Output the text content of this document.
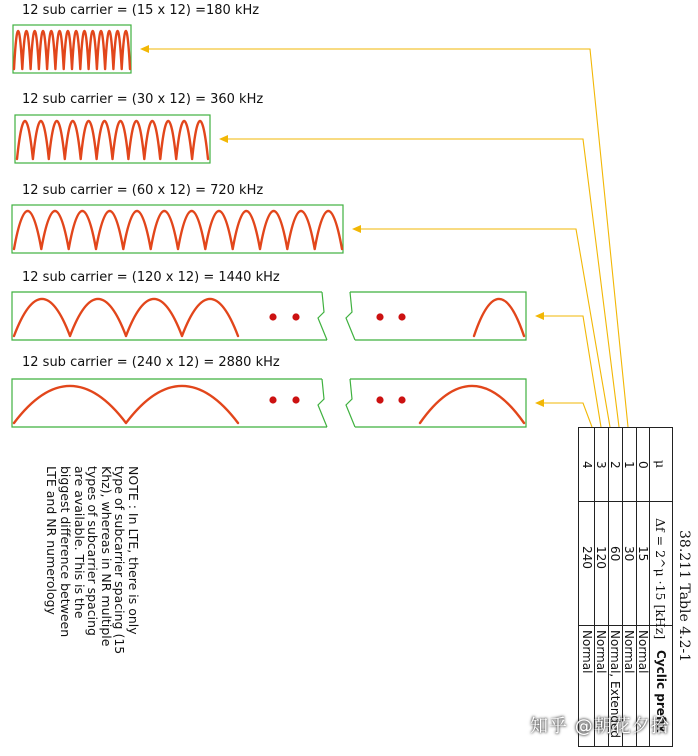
12 sub carrier = (15 x 12) =180 kHz
12 sub carrier = (30 x 12) = 360 kHz
12 sub carrier = (60 x 12) = 720 kHz
12 sub carrier = (120 x 12) = 1440 kHz
12 sub carrier = (240 x 12) = 2880 kHz
NOTE : In LTE, there is only type of subcarrier spacing (15 Khz), whereas in NR multiple types of subcarrier spacing are available. This is the biggest difference between LTE and NR numerology	38.211 Table 4.2-1
μ
Δf = 2^μ ·15 [kHz]
Cyclic prefix
0
15
Normal
1
30
Normal
2
60
Normal, Extended
3
120
Normal
4
240
Normal
知乎 @朝花夕拾
